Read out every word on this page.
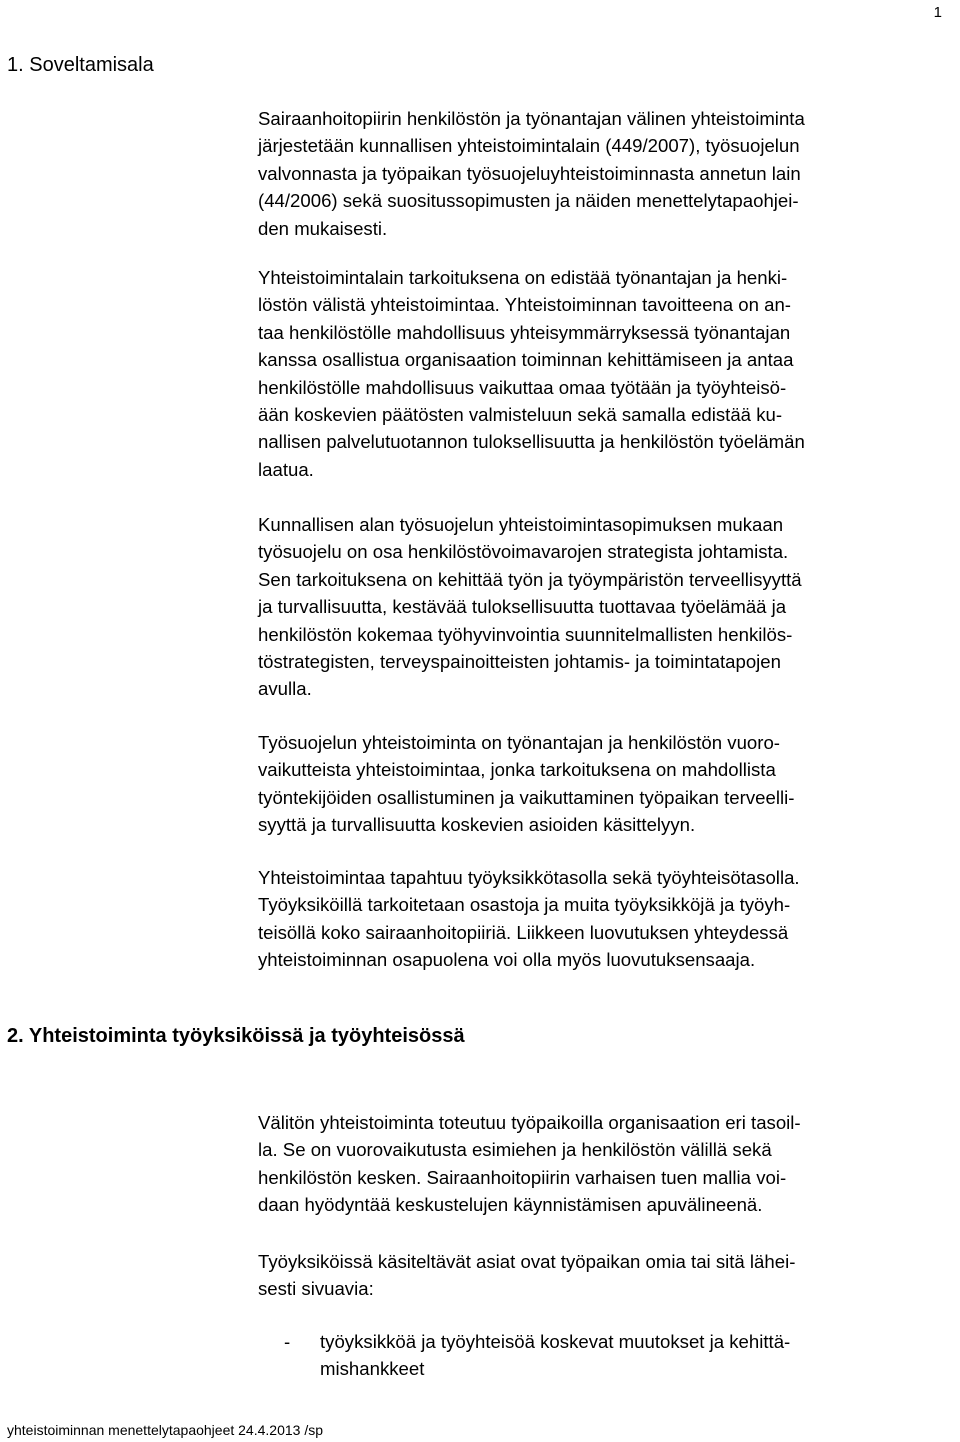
1
1. Soveltamisala

Sairaanhoitopiirin henkilöstön ja työnantajan välinen yhteistoiminta

järjestetään kunnallisen yhteistoimintalain (449/2007), työsuojelun

valvonnasta ja työpaikan työsuojeluyhteistoiminnasta annetun lain

(44/2006) sekä suositussopimusten ja näiden menettelytapaohjei-

den mukaisesti.

Yhteistoimintalain tarkoituksena on edistää työnantajan ja henki-

löstön välistä yhteistoimintaa. Yhteistoiminnan tavoitteena on an-

taa henkilöstölle mahdollisuus yhteisymmärryksessä työnantajan

kanssa osallistua organisaation toiminnan kehittämiseen ja antaa

henkilöstölle mahdollisuus vaikuttaa omaa työtään ja työyhteisö-

ään koskevien päätösten valmisteluun sekä samalla edistää ku-

nallisen palvelutuotannon tuloksellisuutta ja henkilöstön työelämän

laatua.

Kunnallisen alan työsuojelun yhteistoimintasopimuksen mukaan

työsuojelu on osa henkilöstövoimavarojen strategista johtamista.

Sen tarkoituksena on kehittää työn ja työympäristön terveellisyyttä

ja turvallisuutta, kestävää tuloksellisuutta tuottavaa työelämää ja

henkilöstön kokemaa työhyvinvointia suunnitelmallisten henkilös-

töstrategisten, terveyspainoitteisten johtamis- ja toimintatapojen

avulla.

Työsuojelun yhteistoiminta on työnantajan ja henkilöstön vuoro-

vaikutteista yhteistoimintaa, jonka tarkoituksena on mahdollista

työntekijöiden osallistuminen ja vaikuttaminen työpaikan terveelli-

syyttä ja turvallisuutta koskevien asioiden käsittelyyn.

Yhteistoimintaa tapahtuu työyksikkötasolla sekä työyhteisötasolla.

Työyksiköillä tarkoitetaan osastoja ja muita työyksikköjä ja työyh-

teisöllä koko sairaanhoitopiiriä. Liikkeen luovutuksen yhteydessä

yhteistoiminnan osapuolena voi olla myös luovutuksensaaja.

2. Yhteistoiminta työyksiköissä ja työyhteisössä

Välitön yhteistoiminta toteutuu työpaikoilla organisaation eri tasoil-

la. Se on vuorovaikutusta esimiehen ja henkilöstön välillä sekä

henkilöstön kesken. Sairaanhoitopiirin varhaisen tuen mallia voi-

daan hyödyntää keskustelujen käynnistämisen apuvälineenä.

Työyksiköissä käsiteltävät asiat ovat työpaikan omia tai sitä lähei-

sesti sivuavia:

- työyksikköä ja työyhteisöä koskevat muutokset ja kehittä-
mishankkeet
yhteistoiminnan menettelytapaohjeet 24.4.2013 /sp
